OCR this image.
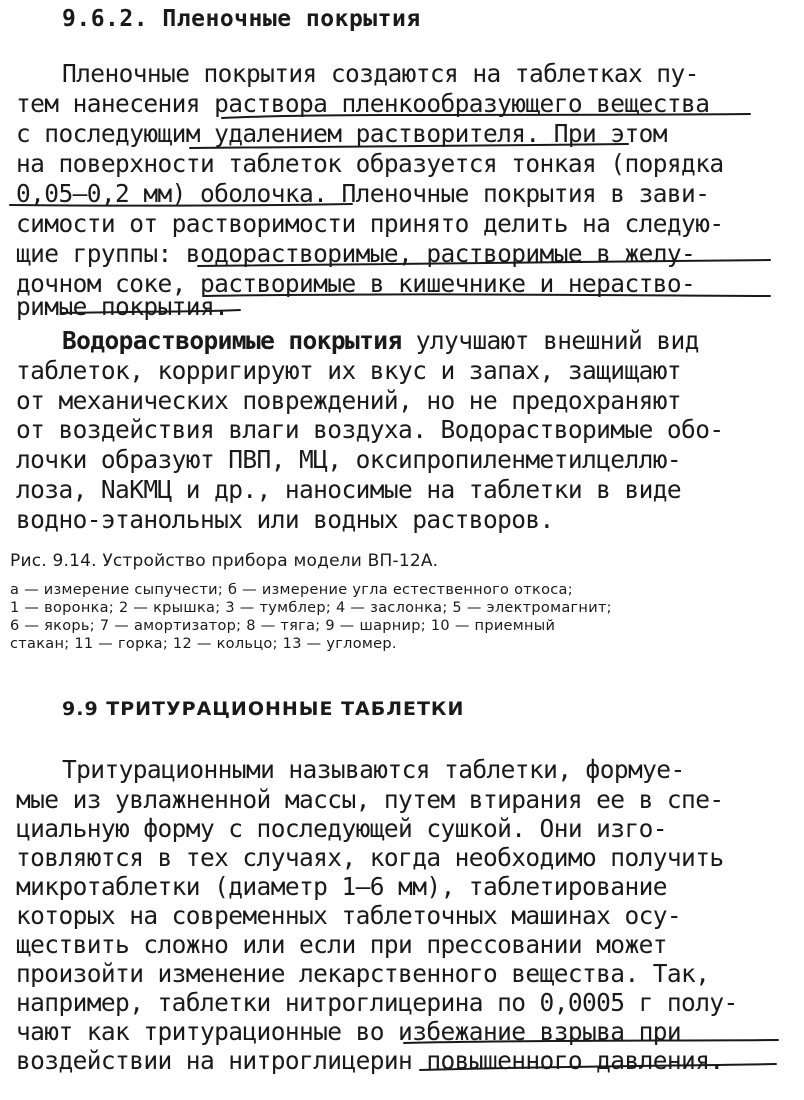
9.6.2. Пленочные покрытия
Пленочные покрытия создаются на таблетках пу-
тем нанесения раствора пленкообразующего вещества
с последующим удалением растворителя. При этом
на поверхности таблеток образуется тонкая (порядка
0,05—0,2 мм) оболочка. Пленочные покрытия в зави-
симости от растворимости принято делить на следую-
щие группы: водорастворимые, растворимые в желу-
дочном соке, растворимые в кишечнике и нераство-
римые покрытия.
Водорастворимые покрытия улучшают внешний вид
таблеток, корригируют их вкус и запах, защищают
от механических повреждений, но не предохраняют
от воздействия влаги воздуха. Водорастворимые обо-
лочки образуют ПВП, МЦ, оксипропиленметилцеллю-
лоза, NaКМЦ и др., наносимые на таблетки в виде
водно-этанольных или водных растворов.
Рис. 9.14. Устройство прибора модели ВП-12А.
а — измерение сыпучести; б — измерение угла естественного откоса;
1 — воронка; 2 — крышка; 3 — тумблер; 4 — заслонка; 5 — электромагнит;
6 — якорь; 7 — амортизатор; 8 — тяга; 9 — шарнир; 10 — приемный
стакан; 11 — горка; 12 — кольцо; 13 — угломер.
9.9 ТРИТУРАЦИОННЫЕ ТАБЛЕТКИ
Тритурационными называются таблетки, формуе-
мые из увлажненной массы, путем втирания ее в спе-
циальную форму с последующей сушкой. Они изго-
товляются в тех случаях, когда необходимо получить
микротаблетки (диаметр 1—6 мм), таблетирование
которых на современных таблеточных машинах осу-
ществить сложно или если при прессовании может
произойти изменение лекарственного вещества. Так,
например, таблетки нитроглицерина по 0,0005 г полу-
чают как тритурационные во избежание взрыва при
воздействии на нитроглицерин повышенного давления.
